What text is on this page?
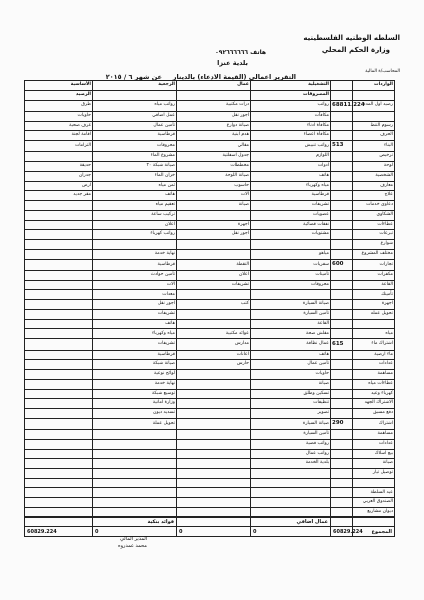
السلطه الوطنيه الفلسطينيه
وزارة الحكم المحلي
هاتف ٠٩٢٦٦٦٦٦٦
بلدية عنزا
المحاسب/ة المالية
التقرير اعمالي (القيمة الادعاء) بالدينار
عن شهر ٦ / ٢٠١٥
الواردات		التشغيلية	عمال	الرجعية	الأساسية
		المصروفات			الرصيد
رصيد اول المدة	68811.224	رواتب	درات مكتبية	رواتب مياه	طرق
		مكافآت	اجور نقل	عمل اضافي	حاويات
رسوم التنظ		مكافأة ادناء	صيانة دوارع	تأمين عمال	غرف صحية
الحرف		مكافأة اعضاء	هدم ابنية	قرطاسية	اقامة لجنة
البناء	513	رواتب تنبيش	مقالي	محروقات	التزامات
ترخيص		اللوازم	جدول اسفلتية	مشروع الماء	
لوحة		ادوات	مخططات	صيانة شبكة ٢٠	حديقة
الشخصية		هاتف	صيانة اللوحة	خزان الماء	جدران
معارف		مياه وكهرباء	حاسوب	ثمن مياه	ارض
علاج		قرطاسية	الات	هاتف	مقر جديد
دعاوى خدمات		تشريفات	صيانة	تعقيم مياه	
الشكاوى		عضويات		تركيب ساعة	
عطاءات		نفقات قضائية	اجهزة	اعلان	
تبرعات		مشتويات	اجور نقل	رواتب كهرباء	
شوارع					
مختلف المشروع		مياهو		نهاية خدمة	
تجارات	600	سفريات	النقطة	قرطاسية	
مكفرات		تأمينات	اعلان	تأمين حوادث	
القاعة		محروقات	تشريفات	الات	
تأمينك				معدات	
اجهزة		صيانة السيارة	كتب	اجور نقل	
تحويل عمله		تأمين السيارة		تشريفات	
		القاعة		هاتف	
مياه		مقلش صحة	عوائد مكتبية	مياه وكهرباء	
اشتراك ماء	615	عمال نظافة	مدارس	تشريفات	
ماء ارضية		هاتف	اعانات	قرطاسية	
عدادات		تأمين عمال	حارس	صيانة شبكة	
مساهمة		حاويات		لوائح نوعية	
عطاءات مياه		صيانة		نهاية خدمة	
كهرباء وعيد		تسكين وطلق		توسيع شبكة	
الاشتراك الجهد		تنظيفات		وزارة امانية	
دفع مسبق		تصوير		تسديد ديون	
اشتراك	290	صيانة السيارة		تحويل عملة	
مساهمة		تأمين السيارة			
عدادات		رواتب فضية			
بيع اسلاك		روانب عمال			
صيانة		بلدية الخدمة			
توصيل تيار					

عيد السلطة					
الصندوق العربي					
ديوان مشاريع					
		عمال اضافي		فوائد بنكية	
المجموع	60829.224	0	0	0	60829.224
المدير المالي
محمد عمدروه
